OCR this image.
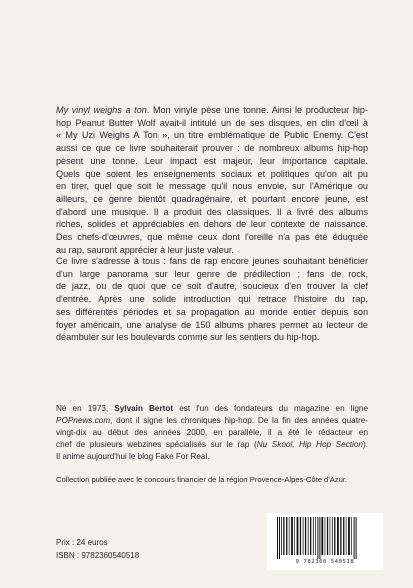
My vinyl weighs a ton. Mon vinyle pèse une tonne. Ainsi le producteur hip-
hop Peanut Butter Wolf avait-il intitulé un de ses disques, en clin d'œil à
« My Uzi Weighs A Ton », un titre emblématique de Public Enemy. C'est
aussi ce que ce livre souhaiterait prouver : de nombreux albums hip-hop
pèsent une tonne. Leur impact est majeur, leur importance capitale.
Quels que soient les enseignements sociaux et politiques qu'on ait pu
en tirer, quel que soit le message qu'il nous envoie, sur l'Amérique ou
ailleurs, ce genre bientôt quadragénaire, et pourtant encore jeune, est
d'abord une musique. Il a produit des classiques. Il a livré des albums
riches, solides et appréciables en dehors de leur contexte de naissance.
Des chefs-d'œuvres, que même ceux dont l'oreille n'a pas été éduquée
au rap, sauront apprécier à leur juste valeur.
Ce livre s'adresse à tous : fans de rap encore jeunes souhaitant bénéficier
d'un large panorama sur leur genre de prédilection ; fans de rock,
de jazz, ou de quoi que ce soit d'autre, soucieux d'en trouver la clef
d'entrée. Après une solide introduction qui retrace l'histoire du rap,
ses différentes périodes et sa propagation au monde entier depuis son
foyer américain, une analyse de 150 albums phares permet au lecteur de
déambuler sur les boulevards comme sur les sentiers du hip-hop.
Né en 1973, Sylvain Bertot est l'un des fondateurs du magazine en ligne
POPnews.com, dont il signe les chroniques hip-hop. De la fin des années quatre-
vingt-dix au début des années 2000, en parallèle, il a été le rédacteur en
chef de plusieurs webzines spécialisés sur le rap (Nu Skool, Hip Hop Section).
Il anime aujourd'hui le blog Fake For Real.
Collection publiée avec le concours financier de la région Provence-Alpes-Côte d'Azur.
Prix : 24 euros
ISBN : 9782360540518
9 782360 540518
